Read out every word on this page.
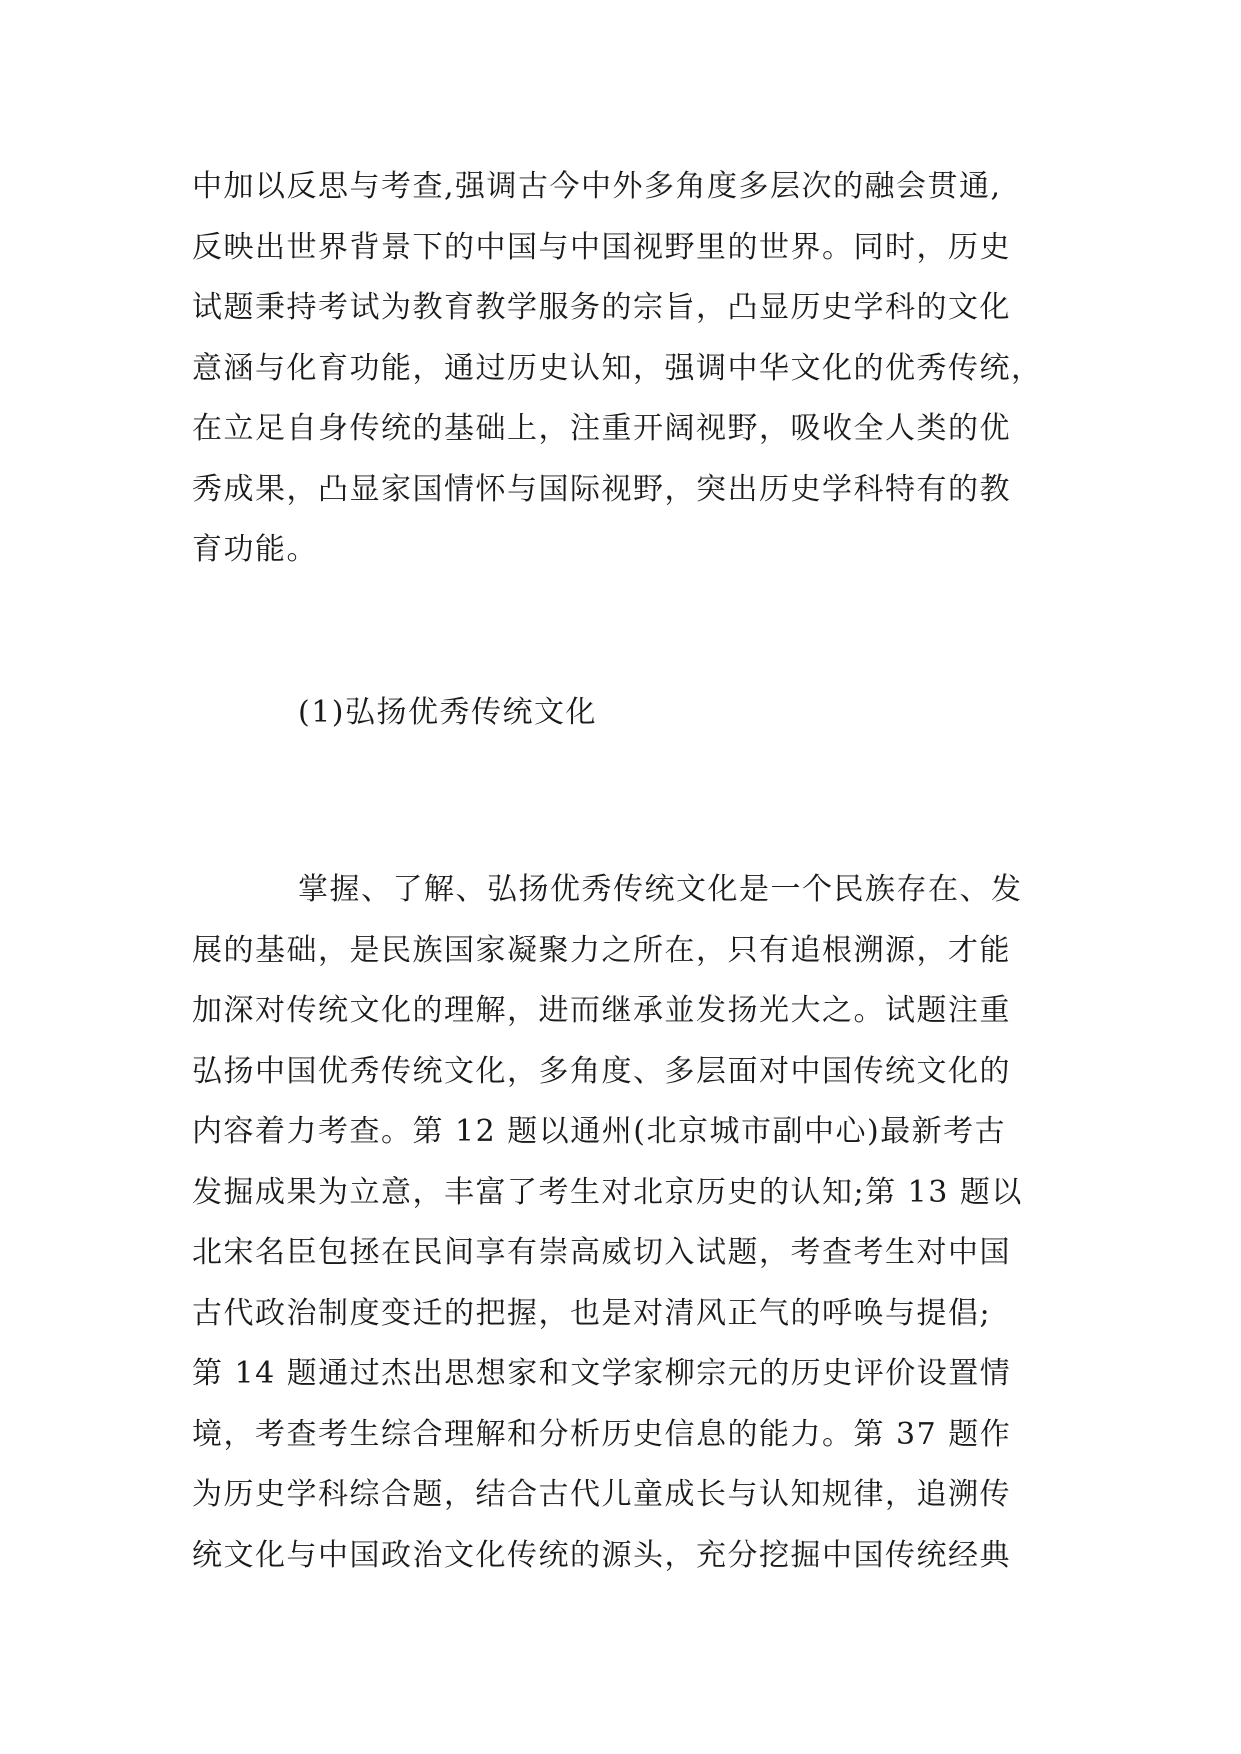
中加以反思与考查,强调古今中外多角度多层次的融会贯通,
反映出世界背景下的中国与中国视野里的世界。同时，历史
试题秉持考试为教育教学服务的宗旨，凸显历史学科的文化
意涵与化育功能，通过历史认知，强调中华文化的优秀传统，
在立足自身传统的基础上，注重开阔视野，吸收全人类的优
秀成果，凸显家国情怀与国际视野，突出历史学科特有的教
育功能。
(1)弘扬优秀传统文化
掌握、了解、弘扬优秀传统文化是一个民族存在、发
展的基础，是民族国家凝聚力之所在，只有追根溯源，才能
加深对传统文化的理解，进而继承並发扬光大之。试题注重
弘扬中国优秀传统文化，多角度、多层面对中国传统文化的
内容着力考查。第 12 题以通州(北京城市副中心)最新考古
发掘成果为立意，丰富了考生对北京历史的认知;第 13 题以
北宋名臣包拯在民间享有崇高威切入试题，考查考生对中国
古代政治制度变迁的把握，也是对清风正气的呼唤与提倡;
第 14 题通过杰出思想家和文学家柳宗元的历史评价设置情
境，考查考生综合理解和分析历史信息的能力。第 37 题作
为历史学科综合题，结合古代儿童成长与认知规律，追溯传
统文化与中国政治文化传统的源头，充分挖掘中国传统经典
